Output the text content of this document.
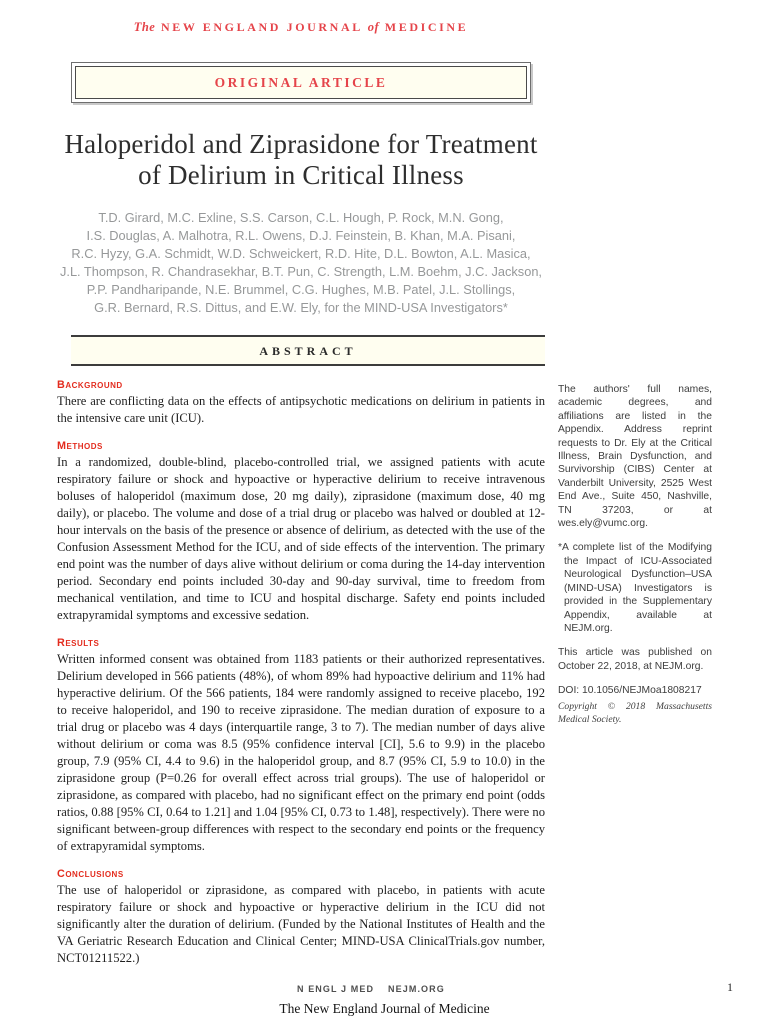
The NEW ENGLAND JOURNAL of MEDICINE
ORIGINAL ARTICLE
Haloperidol and Ziprasidone for Treatment
of Delirium in Critical Illness
T.D. Girard, M.C. Exline, S.S. Carson, C.L. Hough, P. Rock, M.N. Gong,
I.S. Douglas, A. Malhotra, R.L. Owens, D.J. Feinstein, B. Khan, M.A. Pisani,
R.C. Hyzy, G.A. Schmidt, W.D. Schweickert, R.D. Hite, D.L. Bowton, A.L. Masica,
J.L. Thompson, R. Chandrasekhar, B.T. Pun, C. Strength, L.M. Boehm, J.C. Jackson,
P.P. Pandharipande, N.E. Brummel, C.G. Hughes, M.B. Patel, J.L. Stollings,
G.R. Bernard, R.S. Dittus, and E.W. Ely, for the MIND-USA Investigators*
ABSTRACT
Background

There are conflicting data on the effects of antipsychotic medications on delirium in patients in the intensive care unit (ICU).

Methods

In a randomized, double-blind, placebo-controlled trial, we assigned patients with acute respiratory failure or shock and hypoactive or hyperactive delirium to receive intravenous boluses of haloperidol (maximum dose, 20 mg daily), ziprasidone (maximum dose, 40 mg daily), or placebo. The volume and dose of a trial drug or placebo was halved or doubled at 12-hour intervals on the basis of the presence or absence of delirium, as detected with the use of the Confusion Assessment Method for the ICU, and of side effects of the intervention. The primary end point was the number of days alive without delirium or coma during the 14-day intervention period. Secondary end points included 30-day and 90-day survival, time to freedom from mechanical ventilation, and time to ICU and hospital discharge. Safety end points included extrapyramidal symptoms and excessive sedation.

Results

Written informed consent was obtained from 1183 patients or their authorized representatives. Delirium developed in 566 patients (48%), of whom 89% had hypoactive delirium and 11% had hyperactive delirium. Of the 566 patients, 184 were randomly assigned to receive placebo, 192 to receive haloperidol, and 190 to receive ziprasidone. The median duration of exposure to a trial drug or placebo was 4 days (interquartile range, 3 to 7). The median number of days alive without delirium or coma was 8.5 (95% confidence interval [CI], 5.6 to 9.9) in the placebo group, 7.9 (95% CI, 4.4 to 9.6) in the haloperidol group, and 8.7 (95% CI, 5.9 to 10.0) in the ziprasidone group (P=0.26 for overall effect across trial groups). The use of haloperidol or ziprasidone, as compared with placebo, had no significant effect on the primary end point (odds ratios, 0.88 [95% CI, 0.64 to 1.21] and 1.04 [95% CI, 0.73 to 1.48], respectively). There were no significant between-group differences with respect to the secondary end points or the frequency of extrapyramidal symptoms.

Conclusions

The use of haloperidol or ziprasidone, as compared with placebo, in patients with acute respiratory failure or shock and hypoactive or hyperactive delirium in the ICU did not significantly alter the duration of delirium. (Funded by the National Institutes of Health and the VA Geriatric Research Education and Clinical Center; MIND-USA ClinicalTrials.gov number, NCT01211522.)

The authors' full names, academic degrees, and affiliations are listed in the Appendix. Address reprint requests to Dr. Ely at the Critical Illness, Brain Dysfunction, and Survivorship (CIBS) Center at Vanderbilt University, 2525 West End Ave., Suite 450, Nashville, TN 37203, or at wes.ely@vumc.org.

*A complete list of the Modifying the Impact of ICU-Associated Neurological Dysfunction–USA (MIND-USA) Investigators is provided in the Supplementary Appendix, available at NEJM.org.

This article was published on October 22, 2018, at NEJM.org.

DOI: 10.1056/NEJMoa1808217

Copyright © 2018 Massachusetts Medical Society.

N ENGL J MED NEJM.ORG	1
The New England Journal of Medicine
